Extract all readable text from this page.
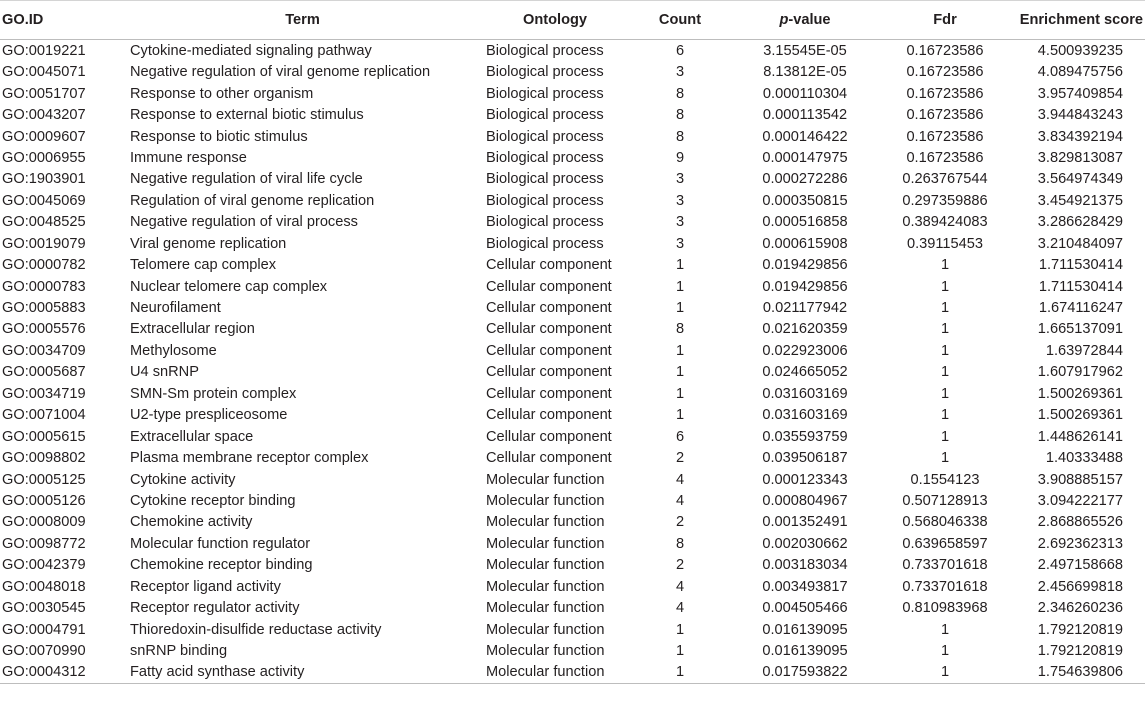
GO.ID	Term	Ontology	Count	p-value	Fdr	Enrichment score
GO:0019221	Cytokine-mediated signaling pathway	Biological process	6	3.15545E-05	0.16723586	4.500939235
GO:0045071	Negative regulation of viral genome replication	Biological process	3	8.13812E-05	0.16723586	4.089475756
GO:0051707	Response to other organism	Biological process	8	0.000110304	0.16723586	3.957409854
GO:0043207	Response to external biotic stimulus	Biological process	8	0.000113542	0.16723586	3.944843243
GO:0009607	Response to biotic stimulus	Biological process	8	0.000146422	0.16723586	3.834392194
GO:0006955	Immune response	Biological process	9	0.000147975	0.16723586	3.829813087
GO:1903901	Negative regulation of viral life cycle	Biological process	3	0.000272286	0.263767544	3.564974349
GO:0045069	Regulation of viral genome replication	Biological process	3	0.000350815	0.297359886	3.454921375
GO:0048525	Negative regulation of viral process	Biological process	3	0.000516858	0.389424083	3.286628429
GO:0019079	Viral genome replication	Biological process	3	0.000615908	0.39115453	3.210484097
GO:0000782	Telomere cap complex	Cellular component	1	0.019429856	1	1.711530414
GO:0000783	Nuclear telomere cap complex	Cellular component	1	0.019429856	1	1.711530414
GO:0005883	Neurofilament	Cellular component	1	0.021177942	1	1.674116247
GO:0005576	Extracellular region	Cellular component	8	0.021620359	1	1.665137091
GO:0034709	Methylosome	Cellular component	1	0.022923006	1	1.63972844
GO:0005687	U4 snRNP	Cellular component	1	0.024665052	1	1.607917962
GO:0034719	SMN-Sm protein complex	Cellular component	1	0.031603169	1	1.500269361
GO:0071004	U2-type prespliceosome	Cellular component	1	0.031603169	1	1.500269361
GO:0005615	Extracellular space	Cellular component	6	0.035593759	1	1.448626141
GO:0098802	Plasma membrane receptor complex	Cellular component	2	0.039506187	1	1.40333488
GO:0005125	Cytokine activity	Molecular function	4	0.000123343	0.1554123	3.908885157
GO:0005126	Cytokine receptor binding	Molecular function	4	0.000804967	0.507128913	3.094222177
GO:0008009	Chemokine activity	Molecular function	2	0.001352491	0.568046338	2.868865526
GO:0098772	Molecular function regulator	Molecular function	8	0.002030662	0.639658597	2.692362313
GO:0042379	Chemokine receptor binding	Molecular function	2	0.003183034	0.733701618	2.497158668
GO:0048018	Receptor ligand activity	Molecular function	4	0.003493817	0.733701618	2.456699818
GO:0030545	Receptor regulator activity	Molecular function	4	0.004505466	0.810983968	2.346260236
GO:0004791	Thioredoxin-disulfide reductase activity	Molecular function	1	0.016139095	1	1.792120819
GO:0070990	snRNP binding	Molecular function	1	0.016139095	1	1.792120819
GO:0004312	Fatty acid synthase activity	Molecular function	1	0.017593822	1	1.754639806
